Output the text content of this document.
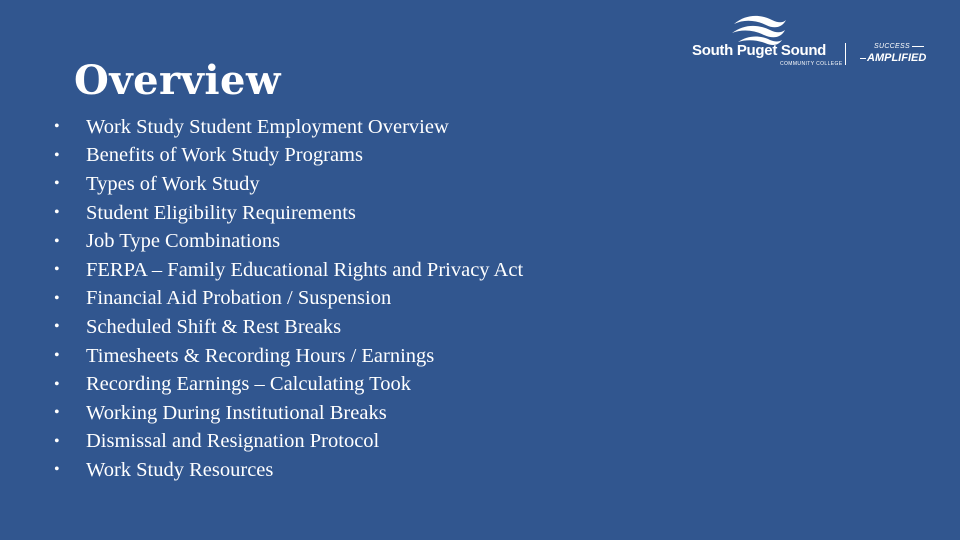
Overview
•	Work Study Student Employment Overview
•	Benefits of Work Study Programs
•	Types of Work Study
•	Student Eligibility Requirements
•	Job Type Combinations
•	FERPA – Family Educational Rights and Privacy Act
•	Financial Aid Probation / Suspension
•	Scheduled Shift & Rest Breaks
•	Timesheets & Recording Hours / Earnings
•	Recording Earnings – Calculating Took
•	Working During Institutional Breaks
•	Dismissal and Resignation Protocol
•	Work Study Resources
South Puget Sound
COMMUNITY COLLEGE
SUCCESS
AMPLIFIED
